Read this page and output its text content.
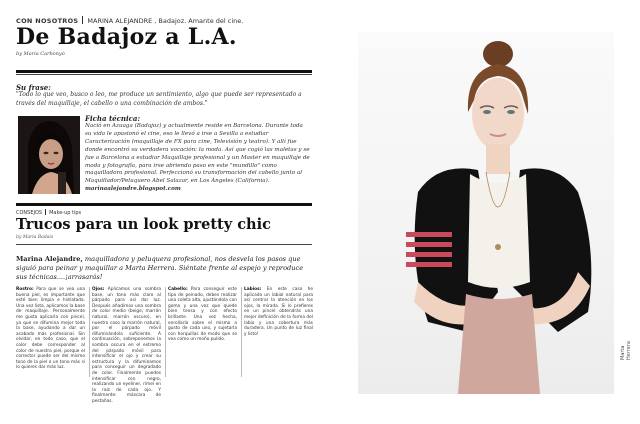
CON NOSOTROS MARINA ALEJANDRE , Badajoz. Amante del cine.
De Badajoz a L.A.
by Maria Carbonyó
Su frase:
"Todo lo que veo, busco o leo, me produce un sentimiento, algo que puede ser representado a través del maquillaje, el cabello o una combinación de ambos."
Ficha técnica:
Nació en Azuaga (Badajoz) y actualmente reside en Barcelona. Durante toda su vida le apasionó el cine, eso le llevó a irse a Sevilla a estudiar Caracterización (maquillaje de FX para cine, Televisión y teatro). Y allí fue donde encontró su verdadera vocación: la moda. Así que cogió las maletas y se fue a Barcelona a estudiar Maquillaje profesional y un Master en maquillaje de moda y fotografía, para irse abriendo paso en este "mundillo" como maquilladora profesional. Perfeccionó su transformación del cabello junto al Maquillador/Peluquero Abel Salazar, en Los Ángeles (California). marinaalejandre.blogspot.com
CONSEJOS Make-up tips
Trucos para un look pretty chic
by Maria Badais
Marina Alejandre, maquilladora y peluquera profesional, nos desvela los pasos que siguió para peinar y maquillar a Marta Herrera. Siéntate frente al espejo y reproduce sus técnicas....¡arrasarás!
Rostro: Para que se vea una buena piel, es importante que esté bien limpia e hidratada. Una vez lista, aplicamos la base de maquillaje. Personalmente me gusta aplicarla con pincel, ya que se difumina mejor toda la base, ayudando a dar un acabado más profesional. Sin olvidar, en todo caso, que el color debe corresponder al color de nuestra piel, porque el corrector puede ser del mismo tono de la piel o un tono más si lo quieres dar más luz.
Ojos: Aplicamos una sombra base, un tono más claro al párpado para así dar luz. Después añadimos una sombra de color medio (beige, marrón natural, marrón oscuro), en nuestro caso la marrón natural, por el párpado móvil difuminándola suficiente. A continuación, sobreponemos la sombra oscura en el extremo del párpado móvil para intensificar el ojo y crear su estructura y la difuminamos para conseguir un degradado de color. Finalmente puedes intensificar con negro, realizando un eyeliner, rímel en la raíz de cada ojo. Y finalmente: máscara de pestañas.
Cabello: Para conseguir este tipo de peinado, debes realizar una coleta alta, ajustándola con goma y una vez que quede bien tensa y con efecto brillante. Una vez hecha, enrollarla sobre el mismo a gusto de cada uno, y sujetarla con horquillas de modo que se vea como un moño pulido.
Labios: En este caso he aplicado un labial natural para así centrar la atención en los ojos, la mirada. Si lo prefieres en un pincel obtendrás una mejor definición de la forma del labio y una cobertura más duradera. Un punto de luz final y listo!
Marta Herrera
